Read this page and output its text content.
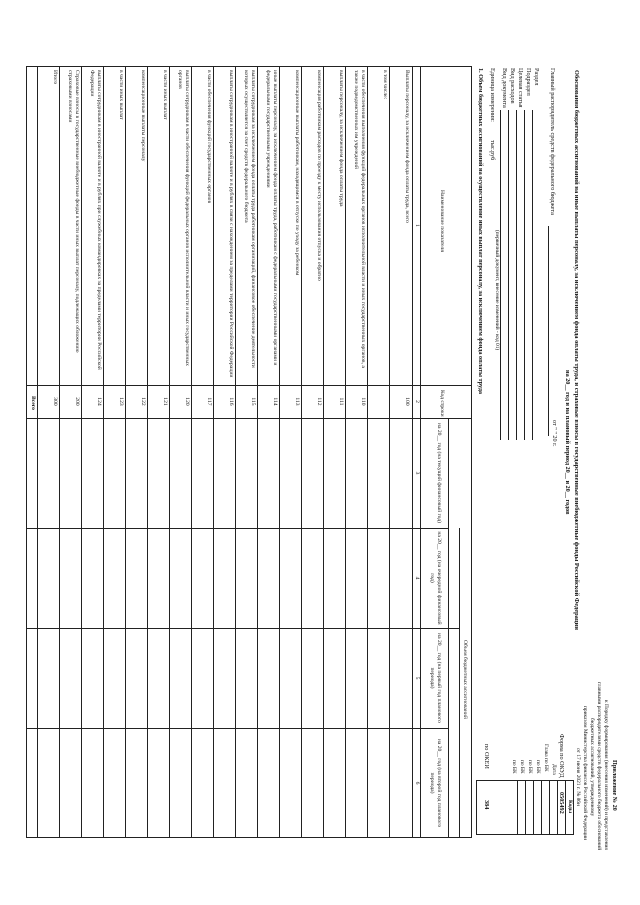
Приложение № 20
к Порядку формирования (внесения изменений) и представления
главными распорядителями средств федерального бюджета обоснований
бюджетных ассигнований, утвержденному
приказом Министерства финансов Российской Федерации
от 17 июня 2021 г. № 86н
Обоснования бюджетных ассигнований на иные выплаты персоналу, за исключением фонда оплаты труда, и страховые взносы в государственные внебюджетные фонды Российской Федерации
на 20__ год и на плановый период 20__ и 20__ годов
от " " 20 г.
Коды
Форма по ОКУД
0505492
Дата
Глава по БК
по БК
по БК
по БК
по БК
по ОКЕИ
384
Главный распорядитель средств федерального бюджета
Раздел
Подраздел
Целевая статья
Вид расходов
Вид документа
(первичный документ, внесение изменений - код 01)
Единица измерения:
тыс.руб
1. Объем бюджетных ассигнований на осуществление иных выплат персоналу, за исключением фонда оплаты труда
Наименование показателя
Код строки
Объем бюджетных ассигнований
на 20__ год (на текущий финансовый год)
на 20__ год (на очередной финансовый год)
на 20__ год (на первый год планового периода)
на 20__ год (на второй год планового периода)
1
2
3
4
5
6
Выплаты персоналу, за исключением фонда оплаты труда, всего
100
в том числе:
в части обеспечения выполнения функций федеральных органов исполнительной власти и иных государственных органов, а также подведомственных им учреждений
110
выплаты персоналу, за исключением фонда оплаты труда
111
компенсация работникам расходов по проезду к месту использования отпуска и обратно
112
компенсационные выплаты работникам, находящимся в отпуске по уходу за ребенком
113
иные выплаты персоналу, за исключением фонда оплаты труда, работникам с федеральными государственными органами и федеральными государственными учреждениями
114
выплаты сотрудникам за исключением фонда оплаты труда работникам организаций, финансовое обеспечение деятельности которых осуществляется за счет средств федерального бюджета
115
выплаты сотрудникам в иностранной валюте и в рублях в связи с нахождением за пределами территории Российской Федерации
116
в части обеспечения функций государственных органов
117
выплаты сотрудникам в части обеспечения функций федеральных органов исполнительной власти и иных государственных органов
120
в части иных выплат
121
компенсационные выплаты персоналу
122
в части иных выплат
123
выплаты сотрудникам в иностранной валюте и в рублях при служебных командировках за пределами территории Российской Федерации
124
Страховые взносы в государственные внебюджетные фонды в части иных выплат персоналу, подлежащих обложению страховыми взносами
200
Итого
300
Всего
